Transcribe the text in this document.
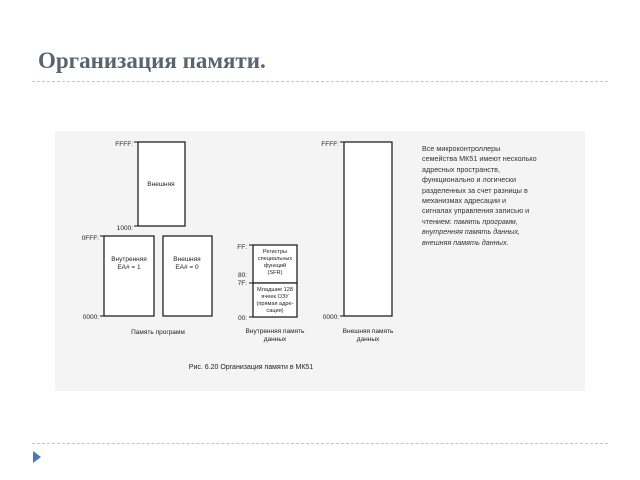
Организация памяти.
FFFF:
1000:
0FFF:
0000:
Внешняя
Внутренняя
EA# = 1
Внешняя
EA# = 0
Память программ
FF:
80:
7F:
00:
Регистры
специальных
функций
(SFR)
Младшие 128
ячеек ОЗУ
(прямая адре-
сация)
Внутренняя память
данных
FFFF:
0000:
Внешняя память
данных
Рис. 6.20 Организация памяти в МК51
Все микроконтроллеры
семейства МК51 имеют несколько
адресных пространств,
функционально и логически
разделенных за счет разницы в
механизмах адресации и
сигналах управления записью и
чтением: память программ,
внутренняя память данных,
внешняя память данных.
